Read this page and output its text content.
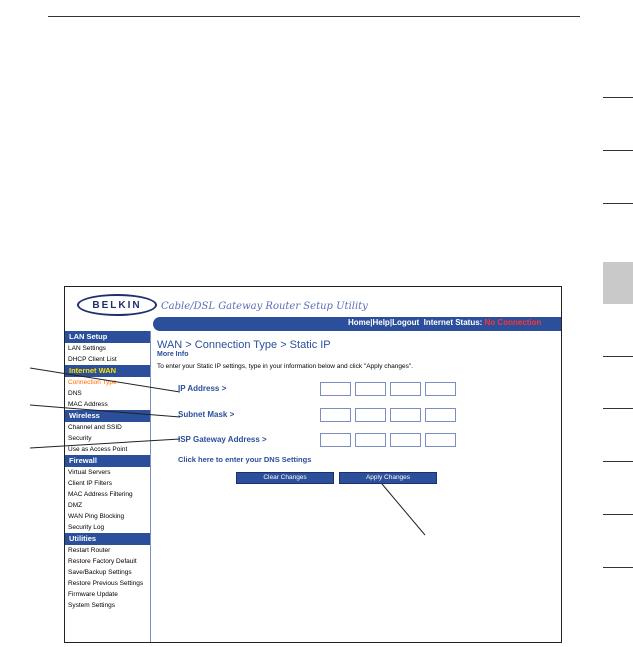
BELKIN Cable/DSL Gateway Router Setup Utility
Home|Help|Logout Internet Status: No Connection
LAN Setup
LAN Settings
DHCP Client List
Internet WAN
Connection Type
DNS
MAC Address
Wireless
Channel and SSID
Security
Use as Access Point
Firewall
Virtual Servers
Client IP Filters
MAC Address Filtering
DMZ
WAN Ping Blocking
Security Log
Utilities
Restart Router
Restore Factory Default
Save/Backup Settings
Restore Previous Settings
Firmware Update
System Settings
WAN > Connection Type > Static IP
More Info
To enter your Static IP settings, type in your information below and click "Apply changes".
IP Address >
Subnet Mask >
ISP Gateway Address >
Click here to enter your DNS Settings
Clear Changes	Apply Changes
